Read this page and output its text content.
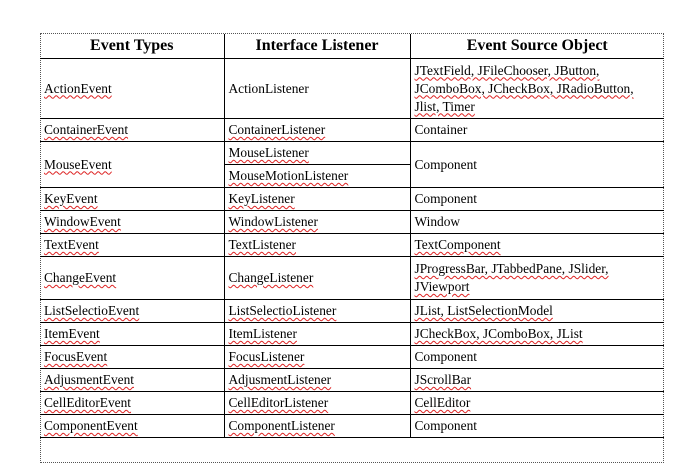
Event Types	Interface Listener	Event Source Object
ActionEvent	ActionListener	JTextField, JFileChooser, JButton, JComboBox, JCheckBox, JRadioButton, Jlist, Timer
ContainerEvent	ContainerListener	Container
MouseEvent	MouseListener	Component
	MouseMotionListener	
KeyEvent	KeyListener	Component
WindowEvent	WindowListener	Window
TextEvent	TextListener	TextComponent
ChangeEvent	ChangeListener	JProgressBar, JTabbedPane, JSlider, JViewport
ListSelectioEvent	ListSelectioListener	JList, ListSelectionModel
ItemEvent	ItemListener	JCheckBox, JComboBox, JList
FocusEvent	FocusListener	Component
AdjusmentEvent	AdjusmentListener	JScrollBar
CellEditorEvent	CellEditorListener	CellEditor
ComponentEvent	ComponentListener	Component
